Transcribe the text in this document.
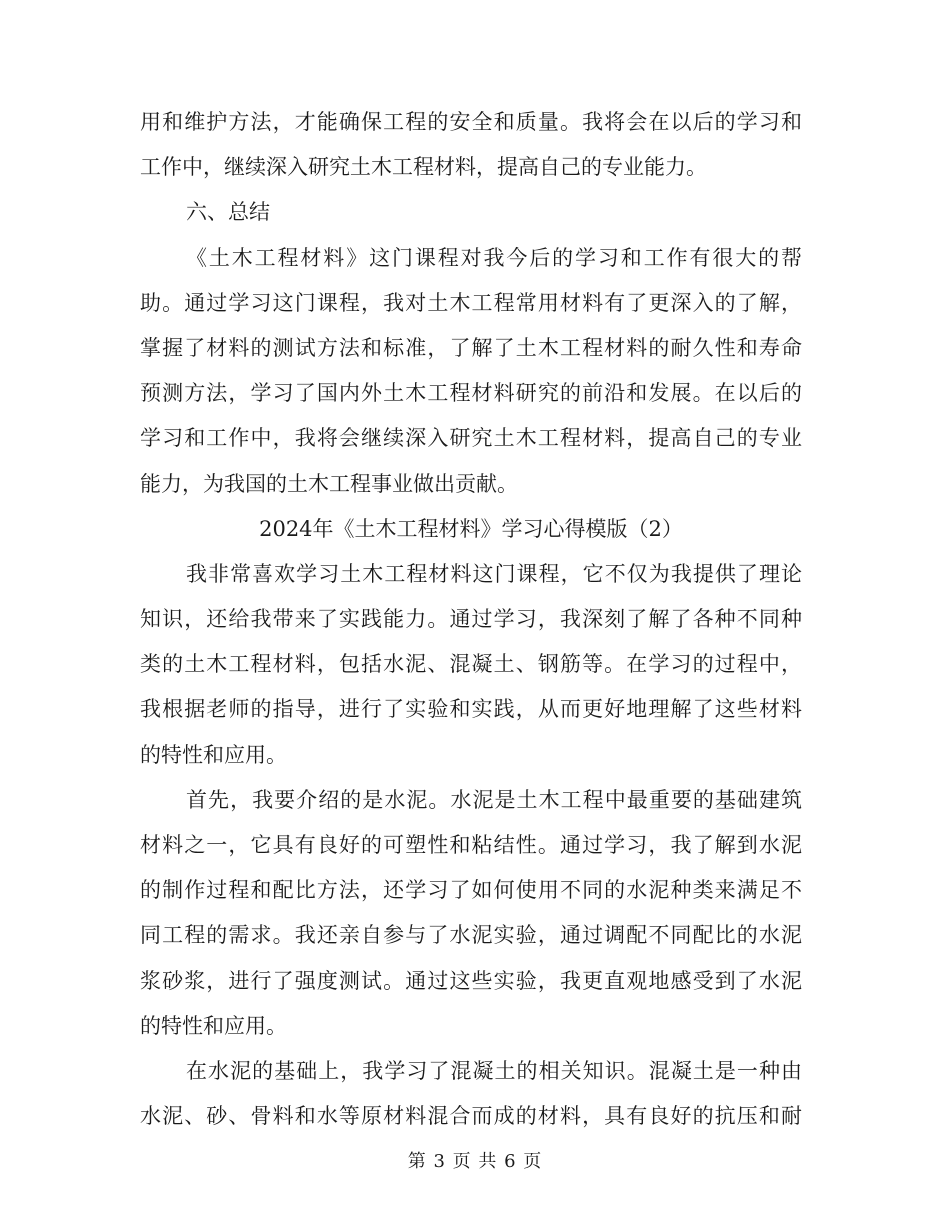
用和维护方法，才能确保工程的安全和质量。我将会在以后的学习和
工作中，继续深入研究土木工程材料，提高自己的专业能力。
六、总结
《土木工程材料》这门课程对我今后的学习和工作有很大的帮
助。通过学习这门课程，我对土木工程常用材料有了更深入的了解，
掌握了材料的测试方法和标准，了解了土木工程材料的耐久性和寿命
预测方法，学习了国内外土木工程材料研究的前沿和发展。在以后的
学习和工作中，我将会继续深入研究土木工程材料，提高自己的专业
能力，为我国的土木工程事业做出贡献。
2024年《土木工程材料》学习心得模版（2）
我非常喜欢学习土木工程材料这门课程，它不仅为我提供了理论
知识，还给我带来了实践能力。通过学习，我深刻了解了各种不同种
类的土木工程材料，包括水泥、混凝土、钢筋等。在学习的过程中，
我根据老师的指导，进行了实验和实践，从而更好地理解了这些材料
的特性和应用。
首先，我要介绍的是水泥。水泥是土木工程中最重要的基础建筑
材料之一，它具有良好的可塑性和粘结性。通过学习，我了解到水泥
的制作过程和配比方法，还学习了如何使用不同的水泥种类来满足不
同工程的需求。我还亲自参与了水泥实验，通过调配不同配比的水泥
浆砂浆，进行了强度测试。通过这些实验，我更直观地感受到了水泥
的特性和应用。
在水泥的基础上，我学习了混凝土的相关知识。混凝土是一种由
水泥、砂、骨料和水等原材料混合而成的材料，具有良好的抗压和耐
第 3 页 共 6 页
